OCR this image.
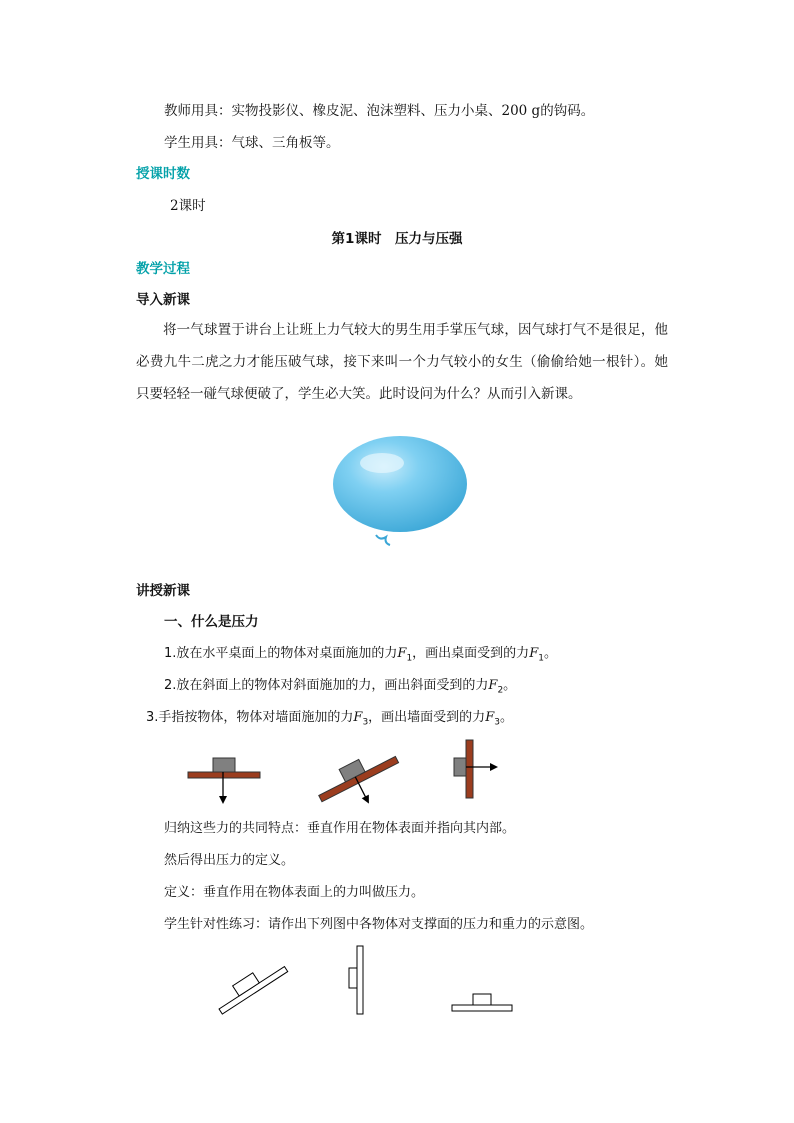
教师用具：实物投影仪、橡皮泥、泡沫塑料、压力小桌、200 g的钩码。
学生用具：气球、三角板等。
授课时数
2课时
第1课时　压力与压强
教学过程
导入新课
将一气球置于讲台上让班上力气较大的男生用手掌压气球，因气球打气不是很足，他必费九牛二虎之力才能压破气球，接下来叫一个力气较小的女生（偷偷给她一根针）。她只要轻轻一碰气球便破了，学生必大笑。此时设问为什么？从而引入新课。
讲授新课
一、什么是压力
1.放在水平桌面上的物体对桌面施加的力$F_1$，画出桌面受到的力$F_1$。
2.放在斜面上的物体对斜面施加的力，画出斜面受到的力$F_2$。
3.手指按物体，物体对墙面施加的力$F_3$，画出墙面受到的力$F_3$。
归纳这些力的共同特点：垂直作用在物体表面并指向其内部。
然后得出压力的定义。
定义：垂直作用在物体表面上的力叫做压力。
学生针对性练习：请作出下列图中各物体对支撑面的压力和重力的示意图。
